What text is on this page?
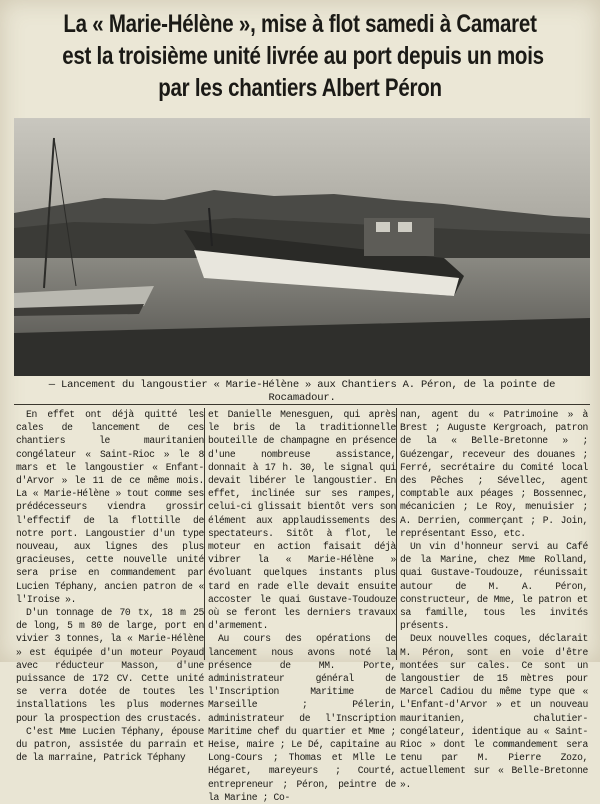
La « Marie-Hélène », mise à flot samedi à Camaret
est la troisième unité livrée au port depuis un mois
par les chantiers Albert Péron
— Lancement du langoustier « Marie-Hélène » aux Chantiers A. Péron, de la pointe de
Rocamadour.

En effet ont déjà quitté les cales de lancement de ces chantiers le mauritanien congélateur « Saint-Rioc » le 8 mars et le langoustier « Enfant-d'Arvor » le 11 de ce même mois. La « Marie-Hélène » tout comme ses prédécesseurs viendra grossir l'effectif de la flottille de notre port. Langoustier d'un type nouveau, aux lignes des plus gracieuses, cette nouvelle unité sera prise en commandement par Lucien Téphany, ancien patron de « l'Iroise ».

D'un tonnage de 70 tx, 18 m 25 de long, 5 m 80 de large, port en vivier 3 tonnes, la « Marie-Hélène » est équipée d'un moteur Poyaud avec réducteur Masson, d'une puissance de 172 CV. Cette unité se verra dotée de toutes les installations les plus modernes pour la prospection des crustacés.

C'est Mme Lucien Téphany, épouse du patron, assistée du parrain et de la marraine, Patrick Téphany

et Danielle Menesguen, qui après le bris de la traditionnelle bouteille de champagne en présence d'une nombreuse assistance, donnait à 17 h. 30, le signal qui devait libérer le langoustier. En effet, inclinée sur ses rampes, celui-ci glissait bientôt vers son élément aux applaudissements des spectateurs. Sitôt à flot, le moteur en action faisait déjà vibrer la « Marie-Hélène » évoluant quelques instants plus tard en rade elle devait ensuite accoster le quai Gustave-Toudouze où se feront les derniers travaux d'armement.

Au cours des opérations de lancement nous avons noté la présence de MM. Porte, administrateur général de l'Inscription Maritime de Marseille ; Pélerin, administrateur de l'Inscription Maritime chef du quartier et Mme ; Heise, maire ; Le Dé, capitaine au Long-Cours ; Thomas et Mlle Le Hégaret, mareyeurs ; Courté, entrepreneur ; Péron, peintre de la Marine ; Co-

nan, agent du « Patrimoine » à Brest ; Auguste Kergroach, patron de la « Belle-Bretonne » ; Guézengar, receveur des douanes ; Ferré, secrétaire du Comité local des Pêches ; Sévellec, agent comptable aux péages ; Bossennec, mécanicien ; Le Roy, menuisier ; A. Derrien, commerçant ; P. Join, représentant Esso, etc.

Un vin d'honneur servi au Café de la Marine, chez Mme Rolland, quai Gustave-Toudouze, réunissait autour de M. A. Péron, constructeur, de Mme, le patron et sa famille, tous les invités présents.

Deux nouvelles coques, déclarait M. Péron, sont en voie d'être montées sur cales. Ce sont un langoustier de 15 mètres pour Marcel Cadiou du même type que « L'Enfant-d'Arvor » et un nouveau mauritanien, chalutier-congélateur, identique au « Saint-Rioc » dont le commandement sera tenu par M. Pierre Zozo, actuellement sur « Belle-Bretonne ».
